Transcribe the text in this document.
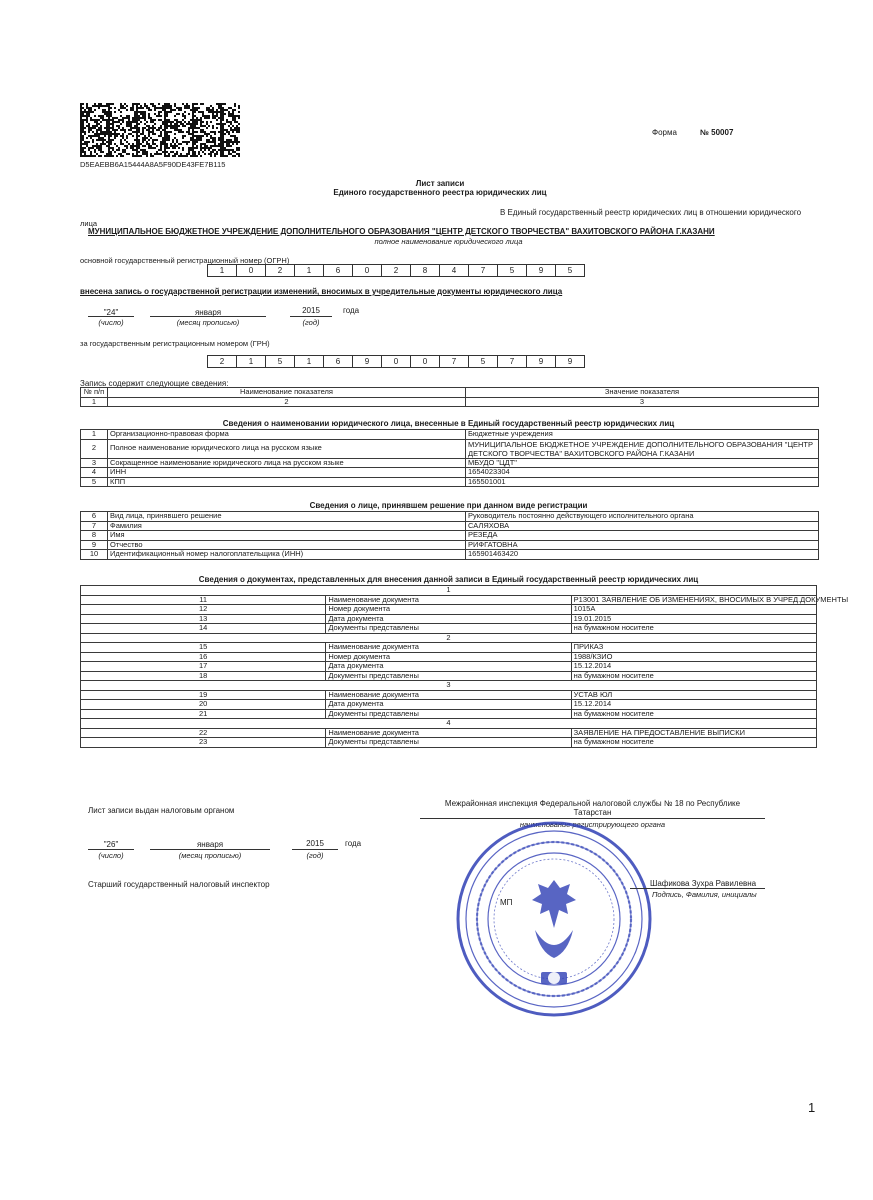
D5EAEBB6A15444A8A5F90DE43FE7B115
Форма	№ 50007
Лист записи
Единого государственного реестра юридических лиц
В Единый государственный реестр юридических лиц в отношении юридического
лица
МУНИЦИПАЛЬНОЕ БЮДЖЕТНОЕ УЧРЕЖДЕНИЕ ДОПОЛНИТЕЛЬНОГО ОБРАЗОВАНИЯ "ЦЕНТР ДЕТСКОГО ТВОРЧЕСТВА" ВАХИТОВСКОГО РАЙОНА Г.КАЗАНИ
полное наименование юридического лица
основной государственный регистрационный номер (ОГРН)
1	0	2	1	6	0	2	8	4	7	5	9	5
внесена запись о государственной регистрации изменений, вносимых в учредительные документы юридического лица
"24"	января	2015	года
(число)	(месяц прописью)	(год)
за государственным регистрационным номером (ГРН)
2	1	5	1	6	9	0	0	7	5	7	9	9
Запись содержит следующие сведения:
№ п/п	Наименование показателя	Значение показателя
1	2	3
Сведения о наименовании юридического лица, внесенные в Единый государственный реестр юридических лиц
1	Организационно-правовая форма	Бюджетные учреждения
2	Полное наименование юридического лица на русском языке	МУНИЦИПАЛЬНОЕ БЮДЖЕТНОЕ УЧРЕЖДЕНИЕ ДОПОЛНИТЕЛЬНОГО ОБРАЗОВАНИЯ "ЦЕНТР ДЕТСКОГО ТВОРЧЕСТВА" ВАХИТОВСКОГО РАЙОНА Г.КАЗАНИ
3	Сокращенное наименование юридического лица на русском языке	МБУДО "ЦДТ"
4	ИНН	1654023304
5	КПП	165501001
Сведения о лице, принявшем решение при данном виде регистрации
6	Вид лица, принявшего решение	Руководитель постоянно действующего исполнительного органа
7	Фамилия	САЛЯХОВА
8	Имя	РЕЗЕДА
9	Отчество	РИФГАТОВНА
10	Идентификационный номер налогоплательщика (ИНН)	165901463420
Сведения о документах, представленных для внесения данной записи в Единый государственный реестр юридических лиц
1		
11	Наименование документа	Р13001 ЗАЯВЛЕНИЕ ОБ ИЗМЕНЕНИЯХ, ВНОСИМЫХ В УЧРЕД.ДОКУМЕНТЫ
12	Номер документа	1015А
13	Дата документа	19.01.2015
14	Документы представлены	на бумажном носителе
2		
15	Наименование документа	ПРИКАЗ
16	Номер документа	1988/КЗИО
17	Дата документа	15.12.2014
18	Документы представлены	на бумажном носителе
3		
19	Наименование документа	УСТАВ ЮЛ
20	Дата документа	15.12.2014
21	Документы представлены	на бумажном носителе
4		
22	Наименование документа	ЗАЯВЛЕНИЕ НА ПРЕДОСТАВЛЕНИЕ ВЫПИСКИ
23	Документы представлены	на бумажном носителе
Лист записи выдан налоговым органом
Межрайонная инспекция Федеральной налоговой службы № 18 по Республике
Татарстан
наименование регистрирующего органа
"26"	января	2015	года
(число)	(месяц прописью)	(год)
Старший государственный налоговый инспектор
МП
Шафикова Зухра Равилевна
Подпись, Фамилия, инициалы
1
